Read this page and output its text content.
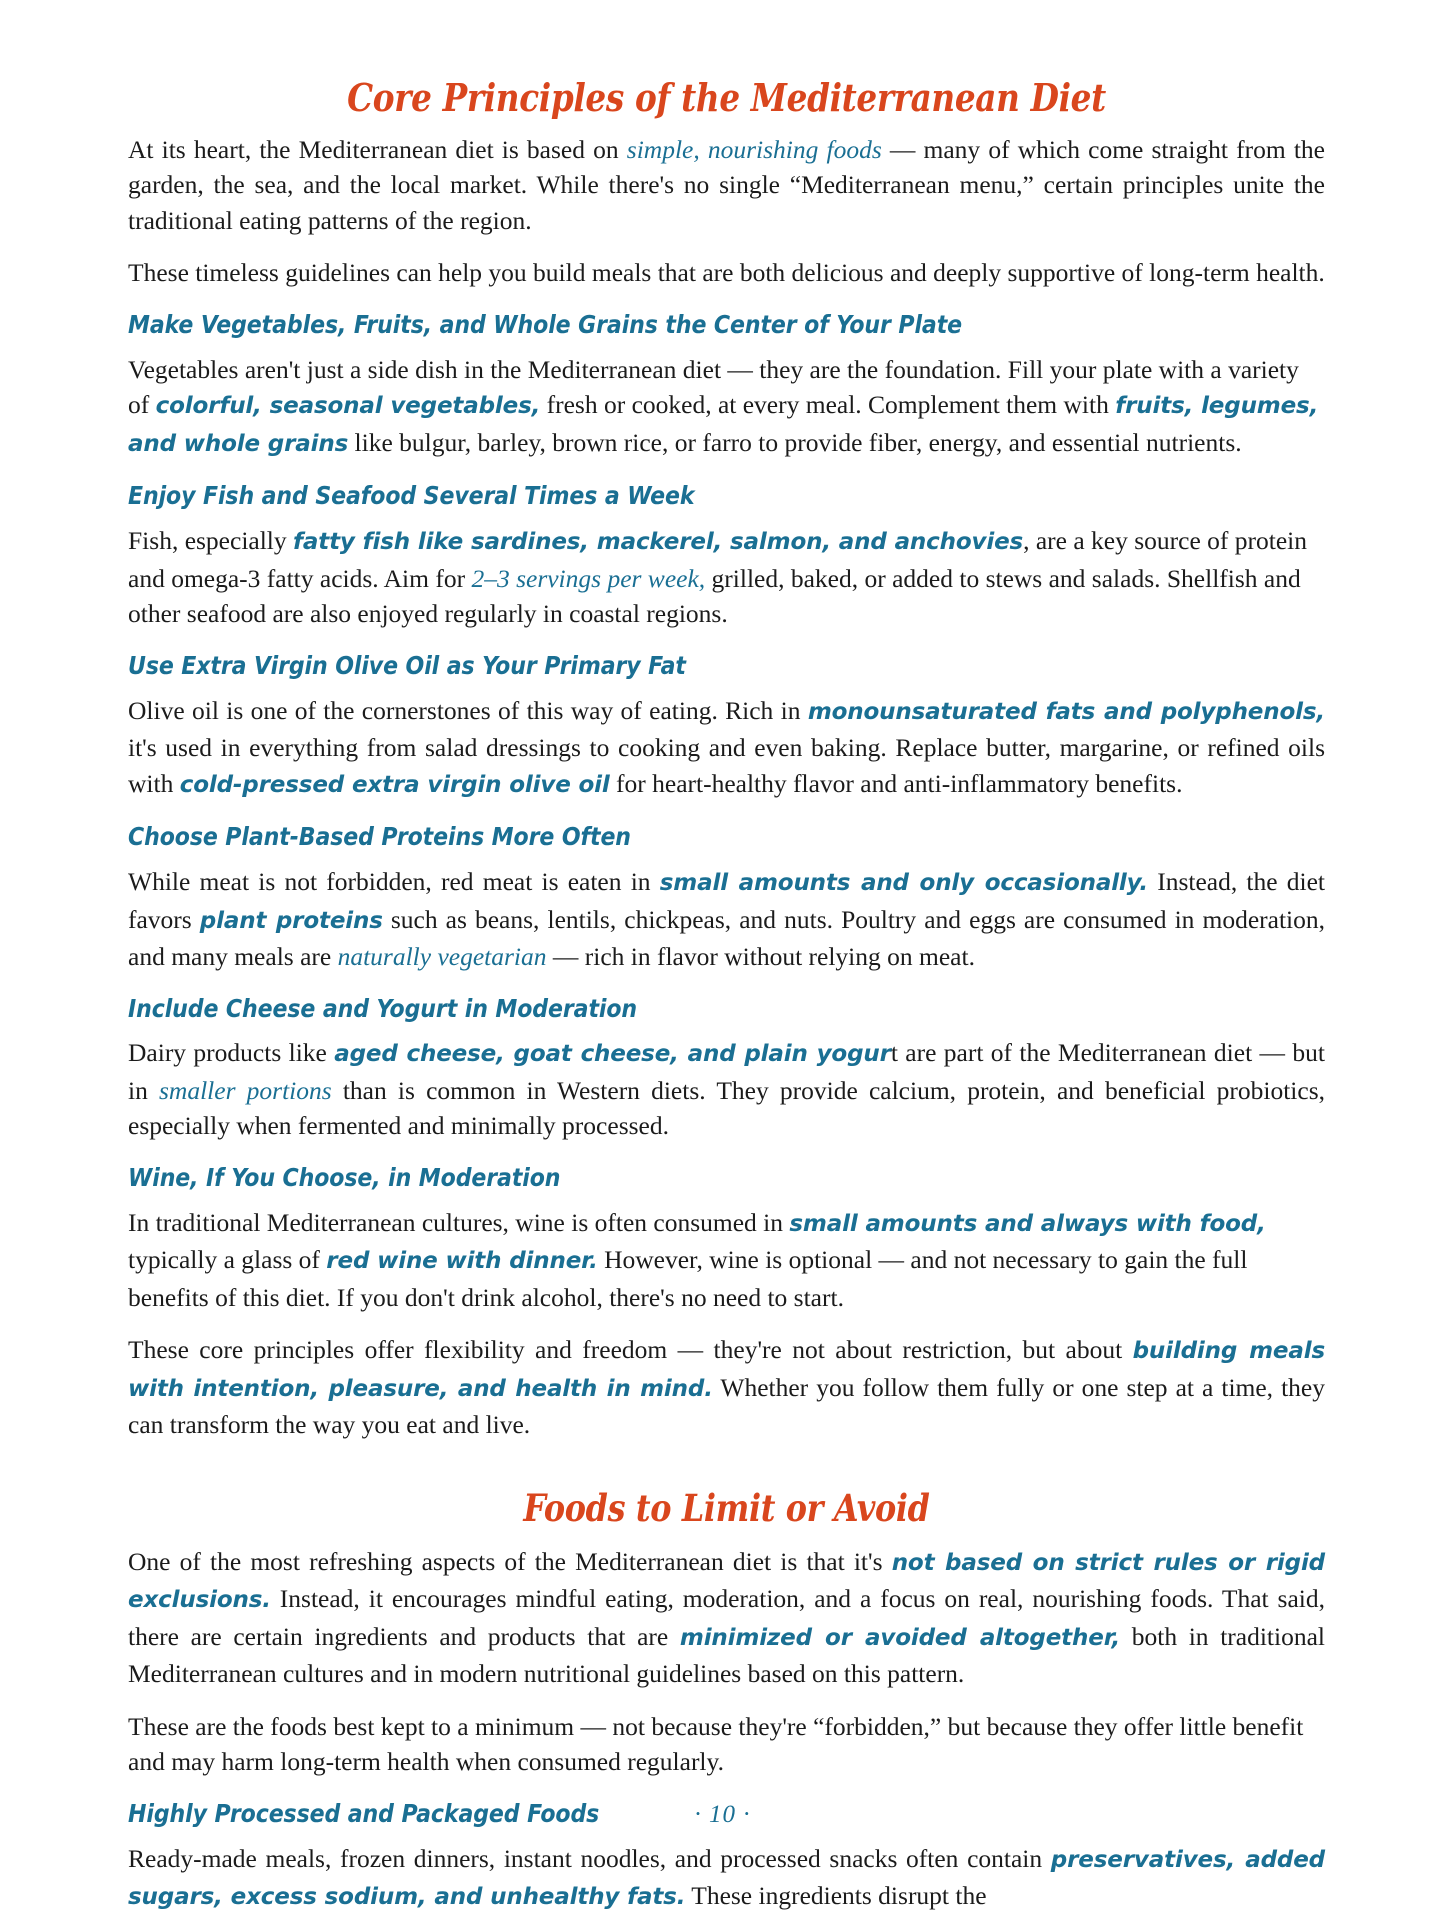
Core Principles of the Mediterranean Diet

At its heart, the Mediterranean diet is based on simple, nourishing foods — many of which come straight from the garden, the sea, and the local market. While there's no single “Mediterranean menu,” certain principles unite the traditional eating patterns of the region.

These timeless guidelines can help you build meals that are both delicious and deeply supportive of long-term health.

Make Vegetables, Fruits, and Whole Grains the Center of Your Plate

Vegetables aren't just a side dish in the Mediterranean diet — they are the foundation. Fill your plate with a variety of colorful, seasonal vegetables, fresh or cooked, at every meal. Complement them with fruits, legumes, and whole grains like bulgur, barley, brown rice, or farro to provide fiber, energy, and essential nutrients.

Enjoy Fish and Seafood Several Times a Week

Fish, especially fatty fish like sardines, mackerel, salmon, and anchovies, are a key source of protein and omega-3 fatty acids. Aim for 2–3 servings per week, grilled, baked, or added to stews and salads. Shellfish and other seafood are also enjoyed regularly in coastal regions.

Use Extra Virgin Olive Oil as Your Primary Fat

Olive oil is one of the cornerstones of this way of eating. Rich in monounsaturated fats and polyphenols, it's used in everything from salad dressings to cooking and even baking. Replace butter, margarine, or refined oils with cold-pressed extra virgin olive oil for heart-healthy flavor and anti-inflammatory benefits.

Choose Plant-Based Proteins More Often

While meat is not forbidden, red meat is eaten in small amounts and only occasionally. Instead, the diet favors plant proteins such as beans, lentils, chickpeas, and nuts. Poultry and eggs are consumed in moderation, and many meals are naturally vegetarian — rich in flavor without relying on meat.

Include Cheese and Yogurt in Moderation

Dairy products like aged cheese, goat cheese, and plain yogurt are part of the Mediterranean diet — but in smaller portions than is common in Western diets. They provide calcium, protein, and beneficial probiotics, especially when fermented and minimally processed.

Wine, If You Choose, in Moderation

In traditional Mediterranean cultures, wine is often consumed in small amounts and always with food, typically a glass of red wine with dinner. However, wine is optional — and not necessary to gain the full benefits of this diet. If you don't drink alcohol, there's no need to start.

These core principles offer flexibility and freedom — they're not about restriction, but about building meals with intention, pleasure, and health in mind. Whether you follow them fully or one step at a time, they can transform the way you eat and live.

Foods to Limit or Avoid

One of the most refreshing aspects of the Mediterranean diet is that it's not based on strict rules or rigid exclusions. Instead, it encourages mindful eating, moderation, and a focus on real, nourishing foods. That said, there are certain ingredients and products that are minimized or avoided altogether, both in traditional Mediterranean cultures and in modern nutritional guidelines based on this pattern.

These are the foods best kept to a minimum — not because they're “forbidden,” but because they offer little benefit and may harm long-term health when consumed regularly.

Highly Processed and Packaged Foods

Ready-made meals, frozen dinners, instant noodles, and processed snacks often contain preservatives, added sugars, excess sodium, and unhealthy fats. These ingredients disrupt the

· 10 ·
